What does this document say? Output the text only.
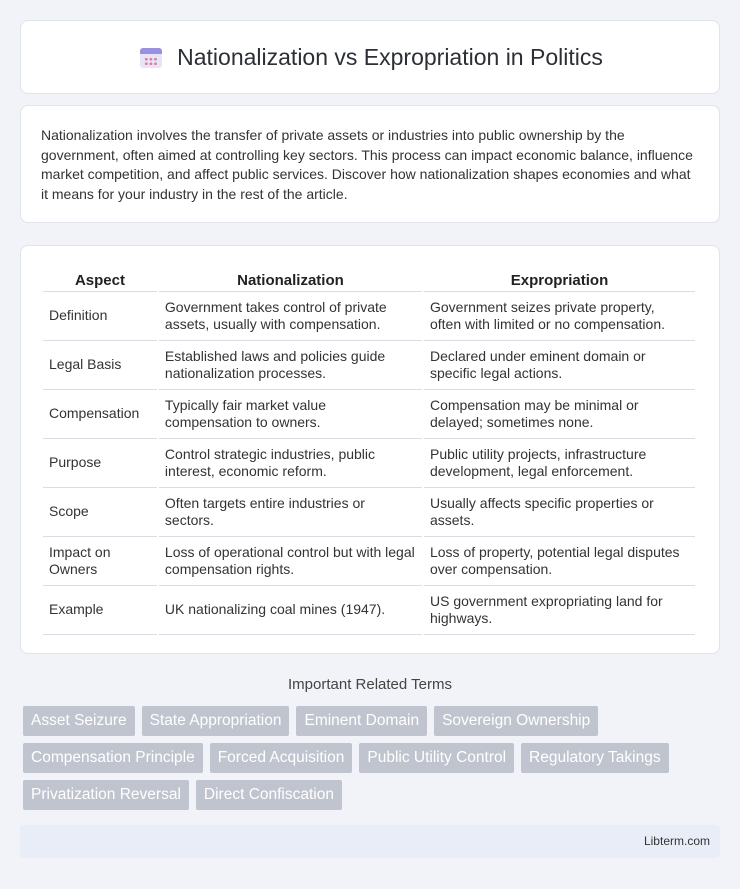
Nationalization vs Expropriation in Politics

Nationalization involves the transfer of private assets or industries into public ownership by the government, often aimed at controlling key sectors. This process can impact economic balance, influence market competition, and affect public services. Discover how nationalization shapes economies and what it means for your industry in the rest of the article.

Aspect	Nationalization	Expropriation
Definition	Government takes control of private assets, usually with compensation.	Government seizes private property, often with limited or no compensation.
Legal Basis	Established laws and policies guide nationalization processes.	Declared under eminent domain or specific legal actions.
Compensation	Typically fair market value compensation to owners.	Compensation may be minimal or delayed; sometimes none.
Purpose	Control strategic industries, public interest, economic reform.	Public utility projects, infrastructure development, legal enforcement.
Scope	Often targets entire industries or sectors.	Usually affects specific properties or assets.
Impact on Owners	Loss of operational control but with legal compensation rights.	Loss of property, potential legal disputes over compensation.
Example	UK nationalizing coal mines (1947).	US government expropriating land for highways.
Important Related Terms
Asset Seizure	State Appropriation	Eminent Domain	Sovereign Ownership
Compensation Principle	Forced Acquisition	Public Utility Control	Regulatory Takings
Privatization Reversal	Direct Confiscation
Libterm.com
